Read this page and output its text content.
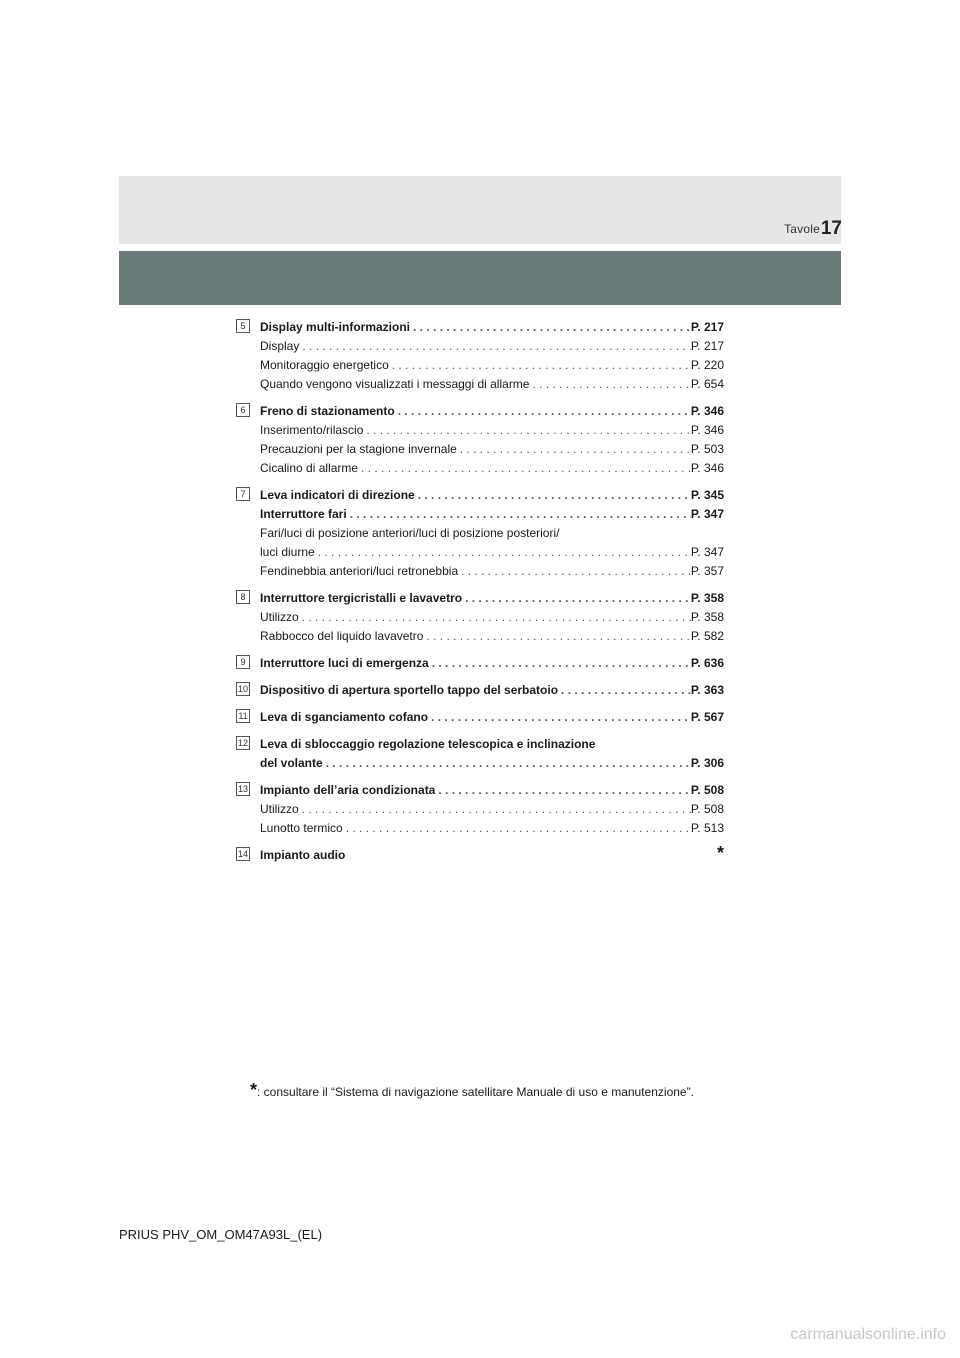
Tavole 17
5	Display multi-informazioni . . .	P. 217
Display . . .	P. 217
Monitoraggio energetico . . .	P. 220
Quando vengono visualizzati i messaggi di allarme . . .	P. 654
6	Freno di stazionamento . . .	P. 346
Inserimento/rilascio . . .	P. 346
Precauzioni per la stagione invernale . . .	P. 503
Cicalino di allarme . . .	P. 346
7	Leva indicatori di direzione . . .	P. 345
Interruttore fari . . .	P. 347
Fari/luci di posizione anteriori/luci di posizione posteriori/
luci diurne . . .	P. 347
Fendinebbia anteriori/luci retronebbia . . .	P. 357
8	Interruttore tergicristalli e lavavetro . . .	P. 358
Utilizzo . . .	P. 358
Rabbocco del liquido lavavetro . . .	P. 582
9	Interruttore luci di emergenza . . .	P. 636
10 Dispositivo di apertura sportello tappo del serbatoio . . .	P. 363
11 Leva di sganciamento cofano . . .	P. 567
12 Leva di sbloccaggio regolazione telescopica e inclinazione
del volante . . .	P. 306
13 Impianto dell’aria condizionata . . .	P. 508
Utilizzo . . .	P. 508
Lunotto termico . . .	P. 513
14 Impianto audio	*
*: consultare il “Sistema di navigazione satellitare Manuale di uso e manutenzione”.
PRIUS PHV_OM_OM47A93L_(EL)
carmanualsonline.info
